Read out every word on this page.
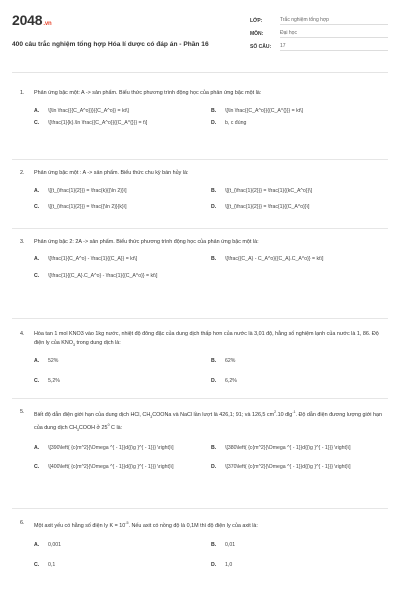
2048.vn
400 câu trắc nghiệm tổng hợp Hóa lí dược có đáp án - Phần 16
LỚP:	Trắc nghiệm tổng hợp
MÔN:	Đại học
SỐ CÂU:	17
1.	Phản ứng bậc một: A -> sản phẩm. Biểu thức phương trình động học của phản ứng bậc một là:
A.	\[\ln \frac{{{C_A^o}}}{{C_A^o}} = kt\]	B.	\[\ln \frac{{C_A^o}}{{C_A^{}}} = kt\]
C.	\[\frac{1}{k}.\ln \frac{{C_A^o}}{{C_A^{}}} = t\]	D.	b, c đúng
2.	Phản ứng bậc một : A -> sản phẩm. Biểu thức chu kỳ bán hủy là:
A.	\[{t_{\frac{1}{2}}} = \frac{k}{{\ln 2}}\]	B.	\[{t_{\frac{1}{2}}} = \frac{1}{{kC_A^o}}\]
C.	\[{t_{\frac{1}{2}}} = \frac{{\ln 2}}{k}\]	D.	\[{t_{\frac{1}{2}}} = \frac{1}{{C_A^o}}\]
3.	Phản ứng bậc 2: 2A -> sản phẩm. Biểu thức phương trình động học của phản ứng bậc một là:
A.	\[\frac{1}{C_A^o} - \frac{1}{{C_A}} = kt\]	B.	\[\frac{{C_A} - C_A^o}{{C_A}.C_A^o}} = kt\]
C.	\[\frac{1}{{C_A}.C_A^o} - \frac{1}{{C_A^o}} = kt\]
4.	Hòa tan 1 mol KNO3 vào 1kg nước, nhiệt độ đông đặc của dung dịch thấp hơn của nước là 3,01 độ, hằng số nghiệm lạnh của nước là 1, 86. Độ điện ly của $KNO_3$ trong dung dịch là:
A.	52%	B.	62%
C.	5,2%	D.	6,2%
5.	Biết độ dẫn điện giới hạn của dung dịch HCl, $CH_3COONa$ và NaCl lần lượt là 426,1; 91; và 126,5 $cm^2.10$ dlg$^{-1}$. Độ dẫn điện đương lượng giới hạn của dung dịch $CH_3COOH$ ở $25^0$ C là:
A.	\[390\left( {c{m^2}{\Omega ^{ - 1}}d{{\g }^{ - 1}}} \right)\]	B.	\[380\left( {c{m^2}{\Omega ^{ - 1}}d{{\g }^{ - 1}}} \right)\]
C.	\[400\left( {c{m^2}{\Omega ^{ - 1}}d{{\g }^{ - 1}}} \right)\]	D.	\[370\left( {c{m^2}{\Omega ^{ - 1}}d{{\g }^{ - 1}}} \right)\]
6.	Một axit yếu có hằng số điện ly $K = 10^{-5}$. Nếu axit có nồng độ là 0,1M thì độ điện ly của axit là:
A.	0,001	B.	0,01
C.	0,1	D.	1,0
